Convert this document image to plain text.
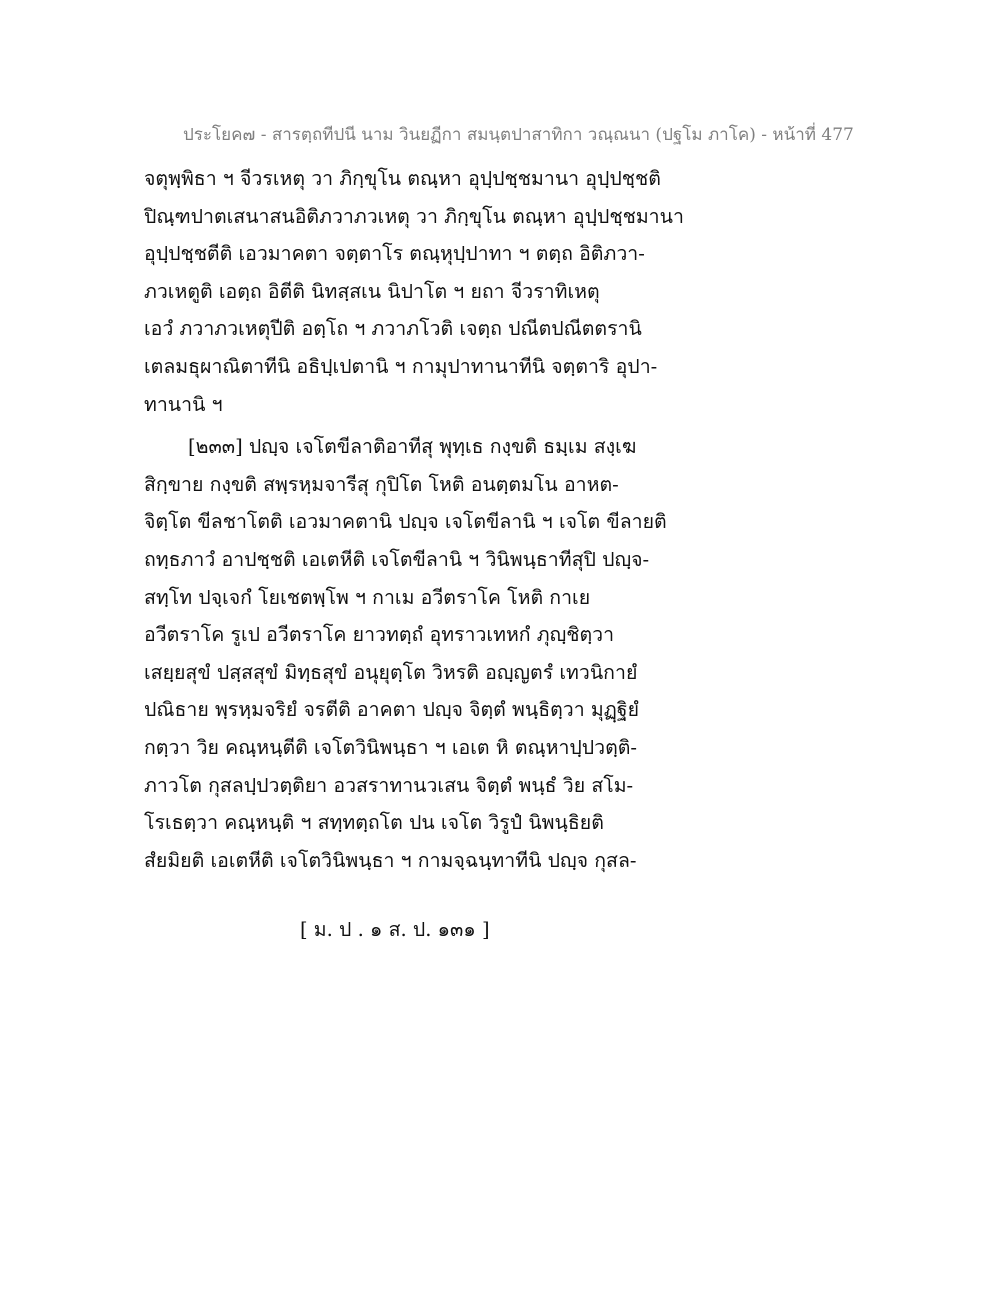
ประโยค๗ - สารตฺถทีปนี นาม วินยฏีกา สมนฺตปาสาทิกา วณฺณนา (ปฐโม ภาโค) - หน้าที่ 477
จตุพฺพิธา ฯ จีวรเหตุ วา ภิกฺขุโน ตณฺหา อุปฺปชฺชมานา อุปฺปชฺชติ
ปิณฺฑปาตเสนาสนอิติภวาภวเหตุ วา ภิกฺขุโน ตณฺหา อุปฺปชฺชมานา
อุปฺปชฺชตีติ เอวมาคตา จตฺตาโร ตณฺหุปฺปาทา ฯ ตตฺถ อิติภวา-
ภวเหตูติ เอตฺถ อิตีติ นิทสฺสเน นิปาโต ฯ ยถา จีวราทิเหตุ
เอวํ ภวาภวเหตุปีติ อตฺโถ ฯ ภวาภโวติ เจตฺถ ปณีตปณีตตรานิ
เตลมธุผาณิตาทีนิ อธิปฺเปตานิ ฯ กามุปาทานาทีนิ จตฺตาริ อุปา-
ทานานิ ฯ
[๒๓๓] ปญฺจ เจโตขีลาติอาทีสุ พุทฺเธ กงฺขติ ธมฺเม สงฺเฆ
สิกฺขาย กงฺขติ สพฺรหฺมจารีสุ กุปิโต โหติ อนตฺตมโน อาหต-
จิตฺโต ขีลชาโตติ เอวมาคตานิ ปญฺจ เจโตขีลานิ ฯ เจโต ขีลายติ
ถทฺธภาวํ อาปชฺชติ เอเตหีติ เจโตขีลานิ ฯ วินิพนฺธาทีสุปิ ปญฺจ-
สทฺโท ปจฺเจกํ โยเชตพฺโพ ฯ กาเม อวีตราโค โหติ กาเย
อวีตราโค รูเป อวีตราโค ยาวทตฺถํ อุทราวเทหกํ ภุญฺชิตฺวา
เสยฺยสุขํ ปสฺสสุขํ มิทฺธสุขํ อนุยุตฺโต วิหรติ อญฺญตรํ เทวนิกายํ
ปณิธาย พฺรหฺมจริยํ จรตีติ อาคตา ปญฺจ จิตฺตํ พนฺธิตฺวา มุฏฺฐิยํ
กตฺวา วิย คณฺหนฺตีติ เจโตวินิพนฺธา ฯ เอเต หิ ตณฺหาปฺปวตฺติ-
ภาวโต กุสลปฺปวตฺติยา อวสราทานวเสน จิตฺตํ พนฺธํ วิย สโม-
โรเธตฺวา คณฺหนฺติ ฯ สทฺทตฺถโต ปน เจโต วิรูปํ นิพนฺธิยติ
สํยมิยติ เอเตหีติ เจโตวินิพนฺธา ฯ กามจฺฉนฺทาทีนิ ปญฺจ กุสล-
[ ม. ป . ๑ ส. ป. ๑๓๑ ]
